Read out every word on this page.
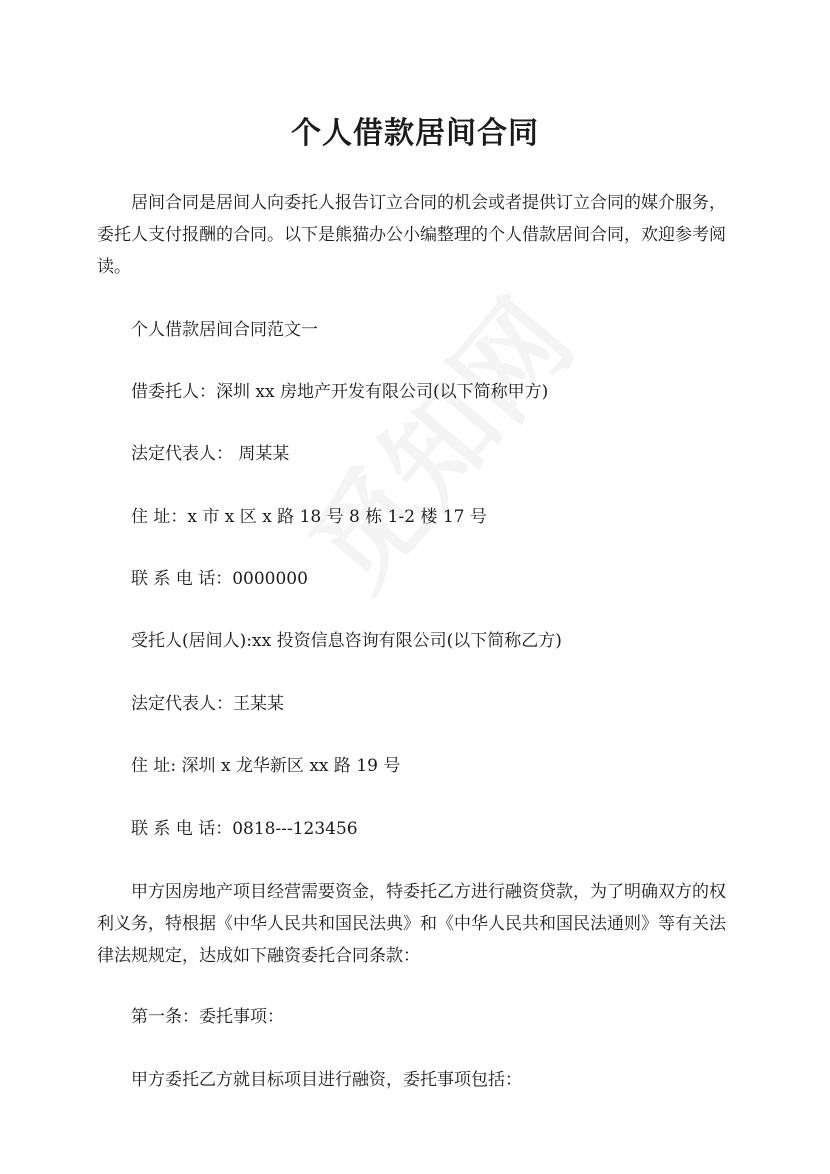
个人借款居间合同

居间合同是居间人向委托人报告订立合同的机会或者提供订立合同的媒介服务，委托人支付报酬的合同。以下是熊猫办公小编整理的个人借款居间合同，欢迎参考阅读。

个人借款居间合同范文一

借委托人：深圳 xx 房地产开发有限公司(以下简称甲方)

法定代表人： 周某某

住 址：x 市 x 区 x 路 18 号 8 栋 1-2 楼 17 号

联 系 电 话：0000000

受托人(居间人):xx 投资信息咨询有限公司(以下简称乙方)

法定代表人：王某某

住 址: 深圳 x 龙华新区 xx 路 19 号

联 系 电 话：0818---123456

甲方因房地产项目经营需要资金，特委托乙方进行融资贷款，为了明确双方的权利义务，特根据《中华人民共和国民法典》和《中华人民共和国民法通则》等有关法律法规规定，达成如下融资委托合同条款：

第一条：委托事项：

甲方委托乙方就目标项目进行融资，委托事项包括：
